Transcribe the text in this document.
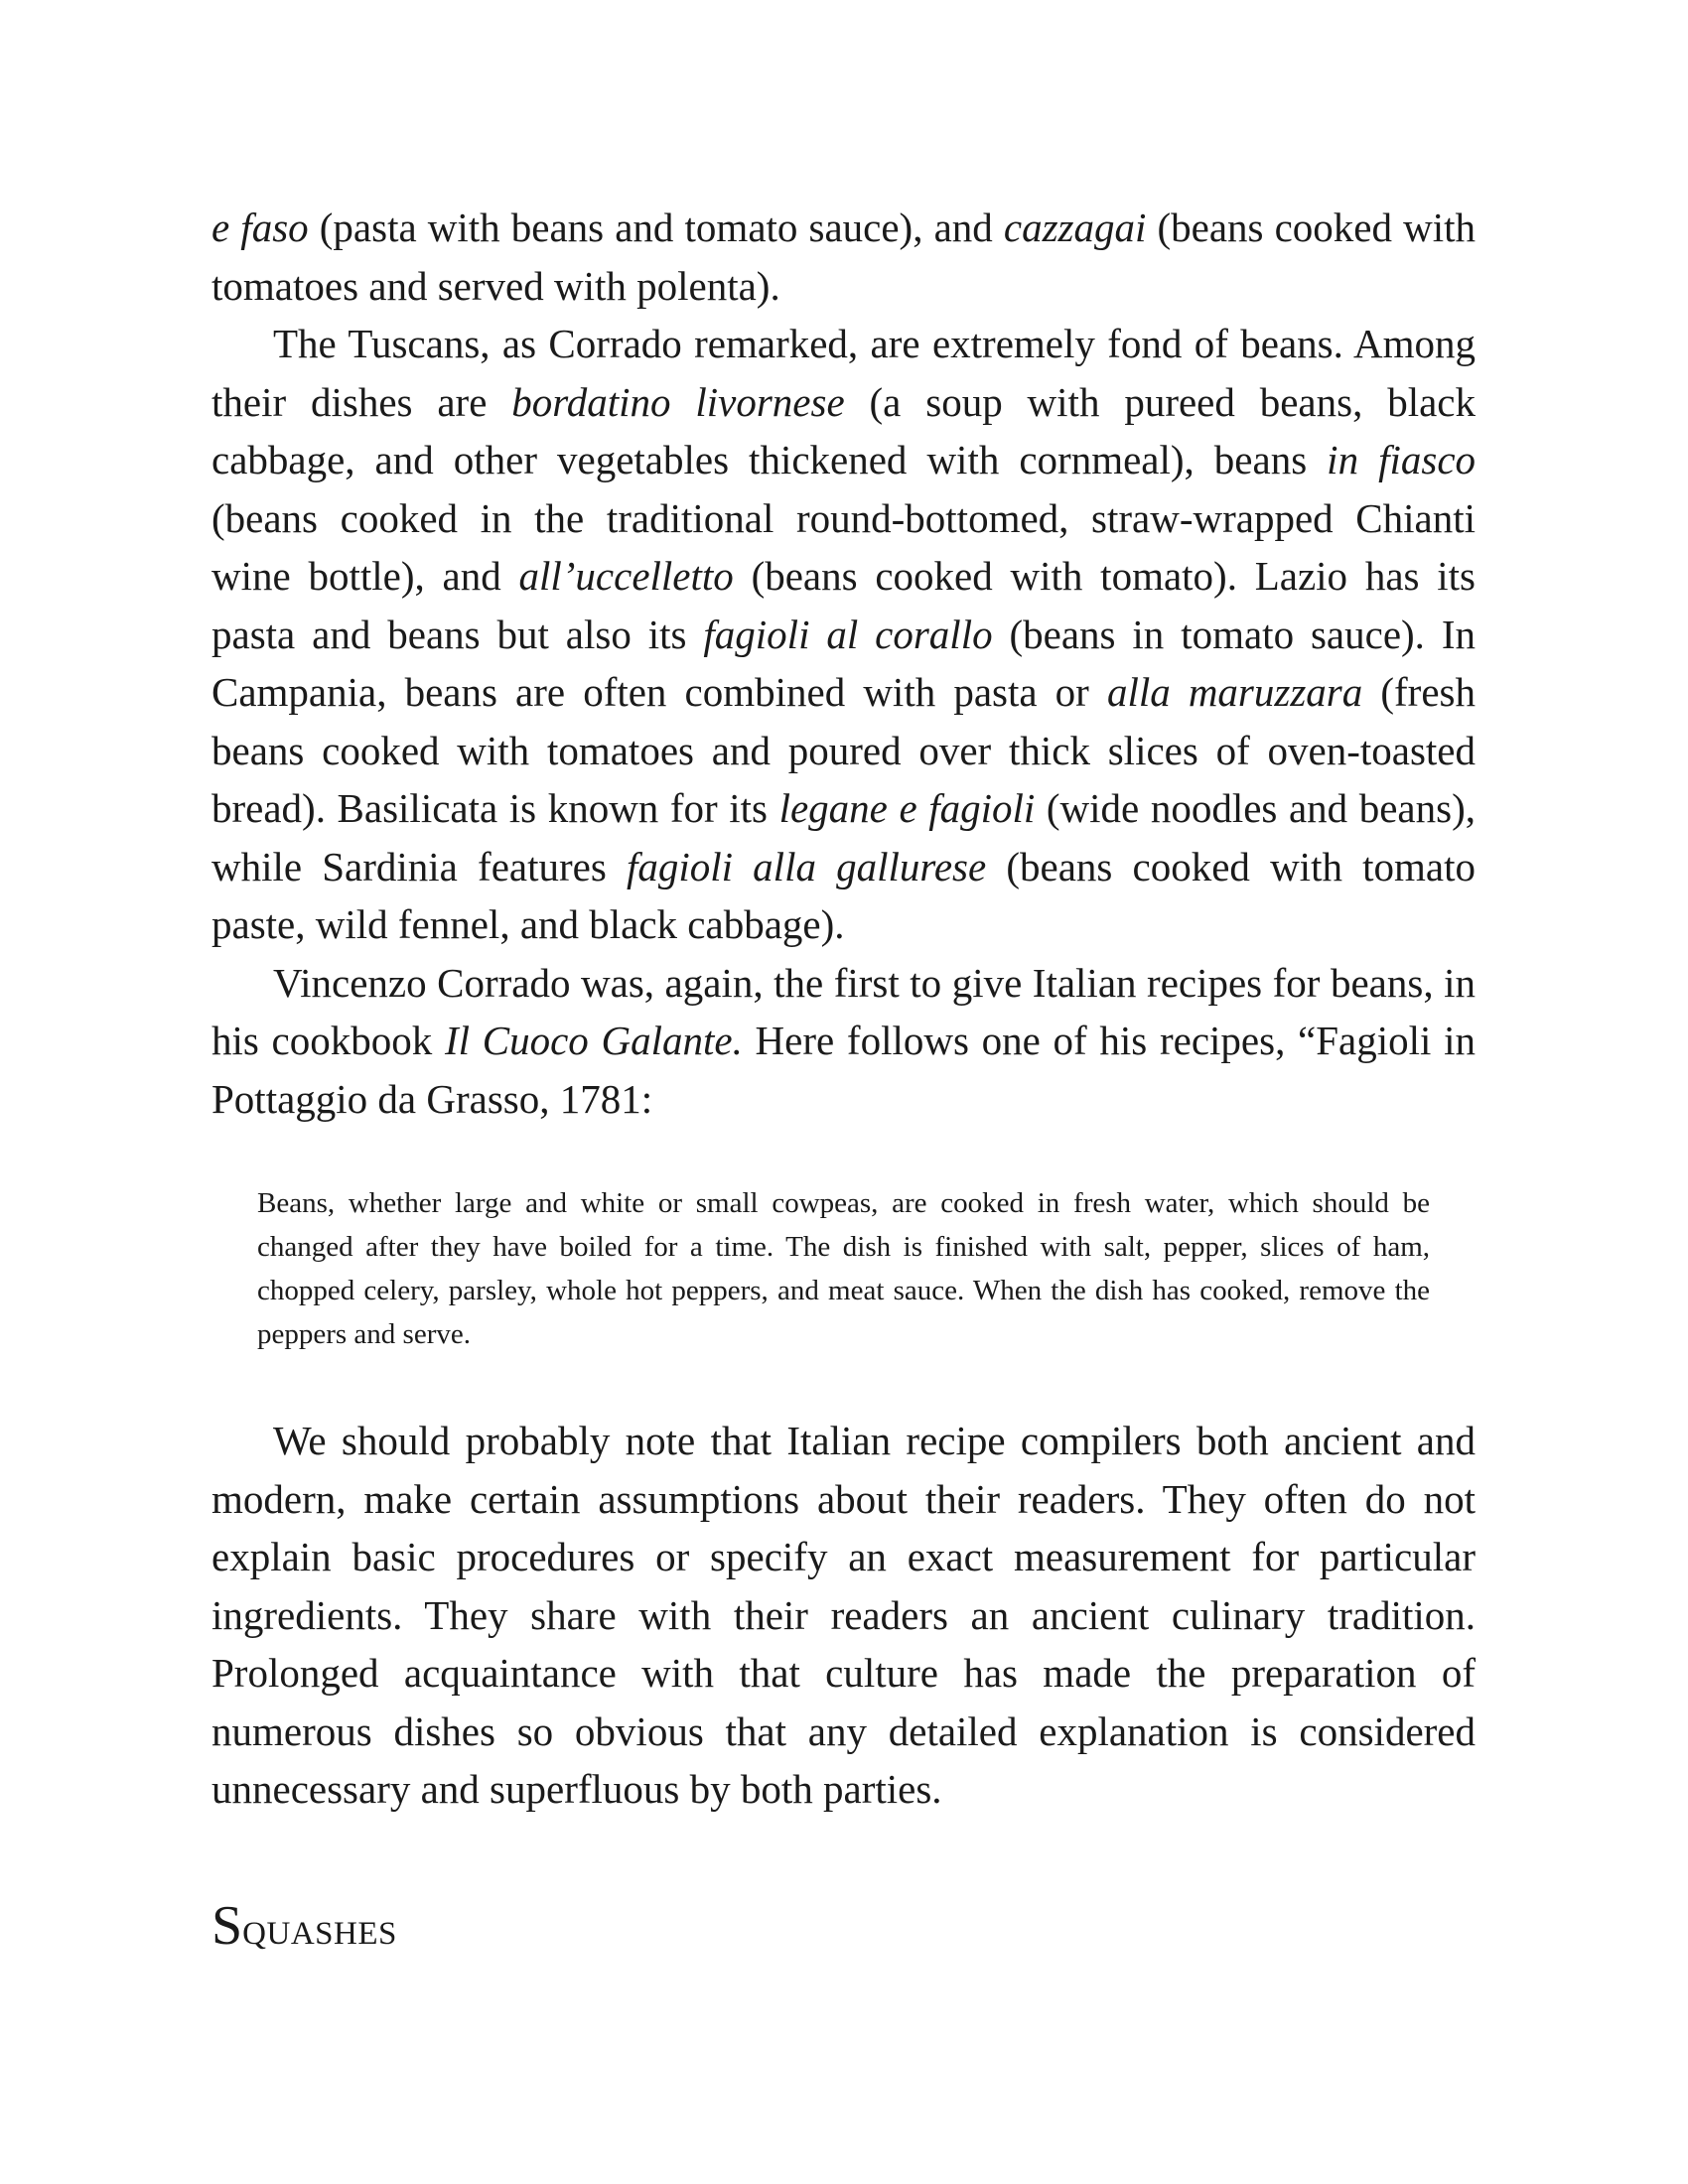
e faso (pasta with beans and tomato sauce), and cazzagai (beans cooked with tomatoes and served with polenta).

The Tuscans, as Corrado remarked, are extremely fond of beans. Among their dishes are bordatino livornese (a soup with pureed beans, black cabbage, and other vegetables thickened with cornmeal), beans in fiasco (beans cooked in the traditional round-bottomed, straw-wrapped Chianti wine bottle), and all’uccelletto (beans cooked with tomato). Lazio has its pasta and beans but also its fagioli al corallo (beans in tomato sauce). In Campania, beans are often combined with pasta or alla maruzzara (fresh beans cooked with tomatoes and poured over thick slices of oven-toasted bread). Basilicata is known for its legane e fagioli (wide noodles and beans), while Sardinia features fagioli alla gallurese (beans cooked with tomato paste, wild fennel, and black cabbage).

Vincenzo Corrado was, again, the first to give Italian recipes for beans, in his cookbook Il Cuoco Galante. Here follows one of his recipes, “Fagioli in Pottaggio da Grasso, 1781:

Beans, whether large and white or small cowpeas, are cooked in fresh water, which should be changed after they have boiled for a time. The dish is finished with salt, pepper, slices of ham, chopped celery, parsley, whole hot peppers, and meat sauce. When the dish has cooked, remove the peppers and serve.

We should probably note that Italian recipe compilers both ancient and modern, make certain assumptions about their readers. They often do not explain basic procedures or specify an exact measurement for particular ingredients. They share with their readers an ancient culinary tradition. Prolonged acquaintance with that culture has made the preparation of numerous dishes so obvious that any detailed explanation is considered unnecessary and superfluous by both parties.

SQUASHES
